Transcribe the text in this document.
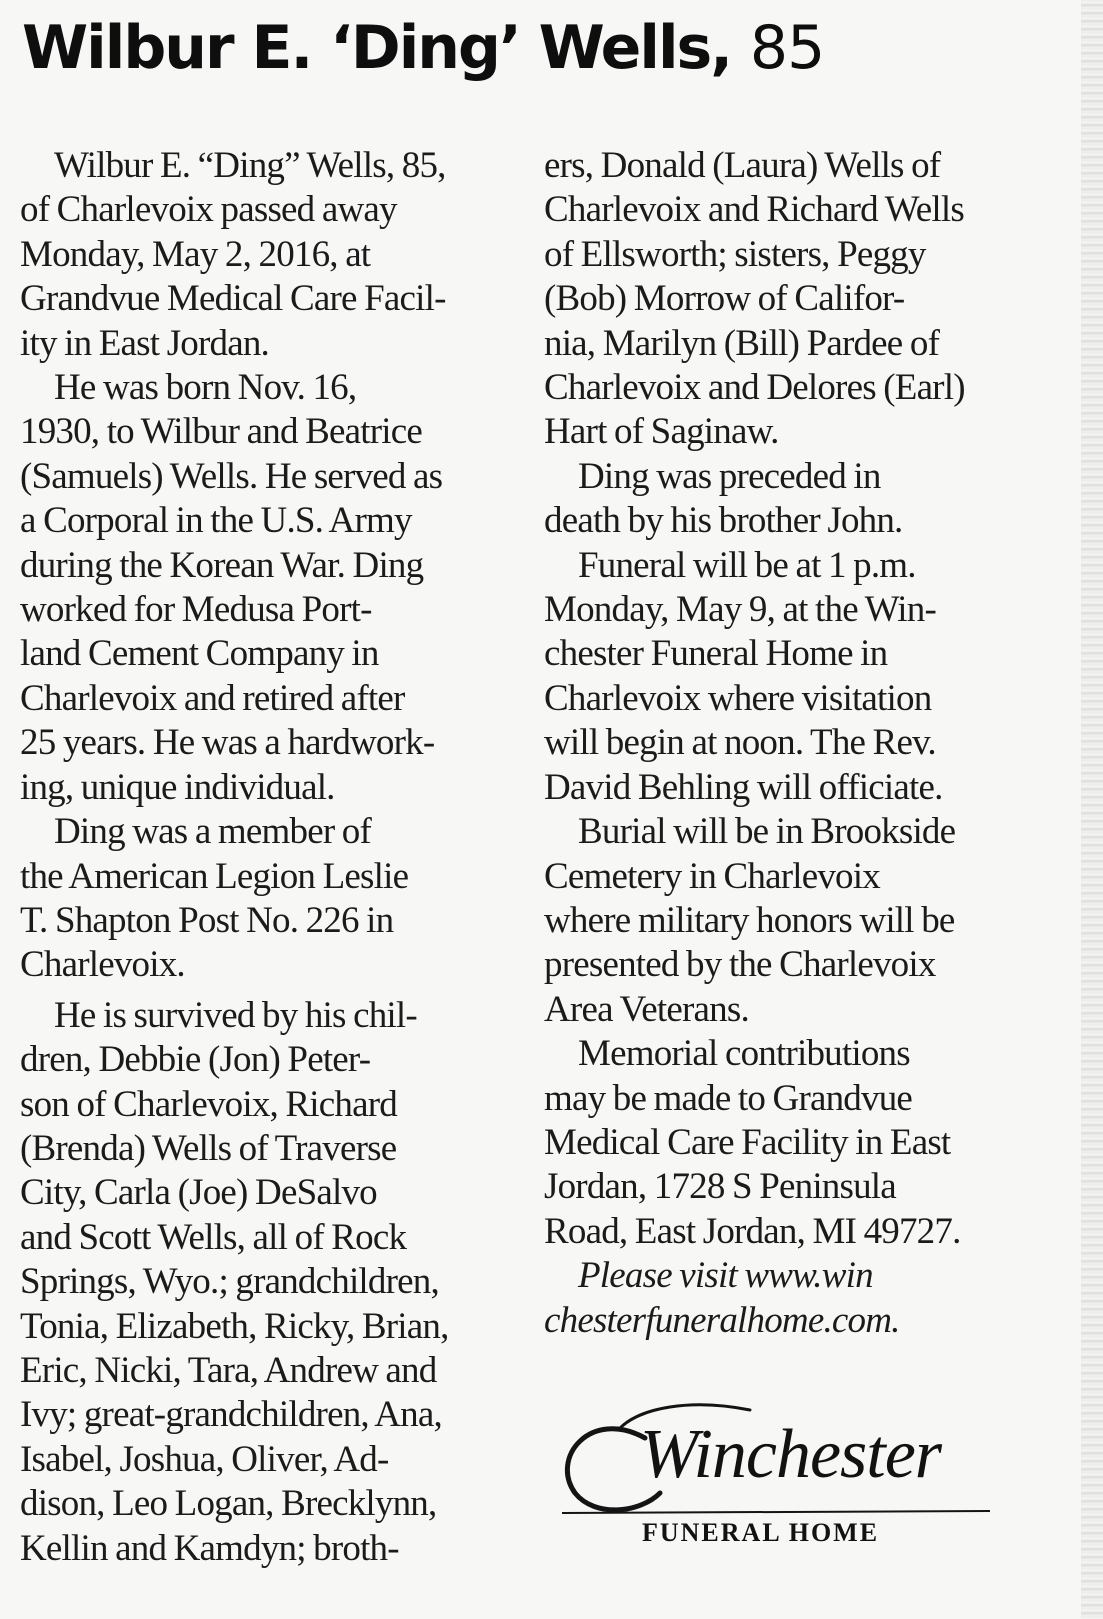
Wilbur E. ‘Ding’ Wells, 85
Wilbur E. “Ding” Wells, 85,
of Charlevoix passed away
Monday, May 2, 2016, at
Grandvue Medical Care Facil-
ity in East Jordan.
He was born Nov. 16,
1930, to Wilbur and Beatrice
(Samuels) Wells. He served as
a Corporal in the U.S. Army
during the Korean War. Ding
worked for Medusa Port-
land Cement Company in
Charlevoix and retired after
25 years. He was a hardwork-
ing, unique individual.
Ding was a member of
the American Legion Leslie
T. Shapton Post No. 226 in
Charlevoix.
He is survived by his chil-
dren, Debbie (Jon) Peter-
son of Charlevoix, Richard
(Brenda) Wells of Traverse
City, Carla (Joe) DeSalvo
and Scott Wells, all of Rock
Springs, Wyo.; grandchildren,
Tonia, Elizabeth, Ricky, Brian,
Eric, Nicki, Tara, Andrew and
Ivy; great-grandchildren, Ana,
Isabel, Joshua, Oliver, Ad-
dison, Leo Logan, Brecklynn,
Kellin and Kamdyn; broth-
ers, Donald (Laura) Wells of
Charlevoix and Richard Wells
of Ellsworth; sisters, Peggy
(Bob) Morrow of Califor-
nia, Marilyn (Bill) Pardee of
Charlevoix and Delores (Earl)
Hart of Saginaw.
Ding was preceded in
death by his brother John.
Funeral will be at 1 p.m.
Monday, May 9, at the Win-
chester Funeral Home in
Charlevoix where visitation
will begin at noon. The Rev.
David Behling will officiate.
Burial will be in Brookside
Cemetery in Charlevoix
where military honors will be
presented by the Charlevoix
Area Veterans.
Memorial contributions
may be made to Grandvue
Medical Care Facility in East
Jordan, 1728 S Peninsula
Road, East Jordan, MI 49727.
Please visit www.win
chesterfuneralhome.com.
Winchester
FUNERAL HOME
